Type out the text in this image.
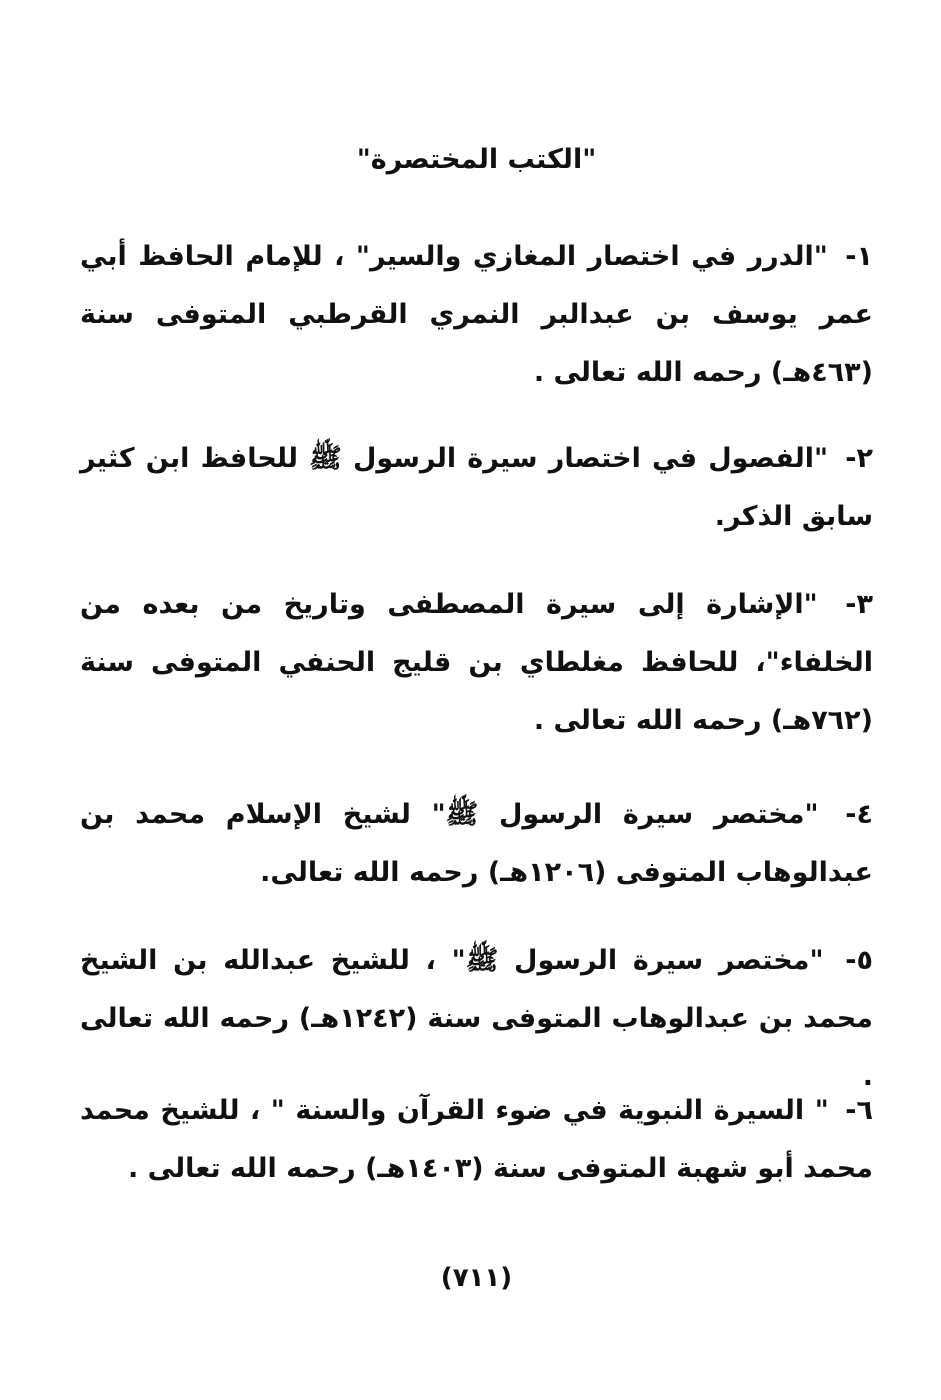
"الكتب المختصرة"

١- "الدرر في اختصار المغازي والسير" ، للإمام الحافظ أبي عمر يوسف بن عبدالبر النمري القرطبي المتوفى سنة (٤٦٣هـ) رحمه الله تعالى .

٢- "الفصول في اختصار سيرة الرسول ﷺ للحافظ ابن كثير سابق الذكر.

٣- "الإشارة إلى سيرة المصطفى وتاريخ من بعده من الخلفاء"، للحافظ مغلطاي بن قليج الحنفي المتوفى سنة (٧٦٢هـ) رحمه الله تعالى .

٤- "مختصر سيرة الرسول ﷺ" لشيخ الإسلام محمد بن عبدالوهاب المتوفى (١٢٠٦هـ) رحمه الله تعالى.

٥- "مختصر سيرة الرسول ﷺ" ، للشيخ عبدالله بن الشيخ محمد بن عبدالوهاب المتوفى سنة (١٢٤٢هـ) رحمه الله تعالى .

٦- " السيرة النبوية في ضوء القرآن والسنة " ، للشيخ محمد محمد أبو شهبة المتوفى سنة (١٤٠٣هـ) رحمه الله تعالى .

(٧١١)
